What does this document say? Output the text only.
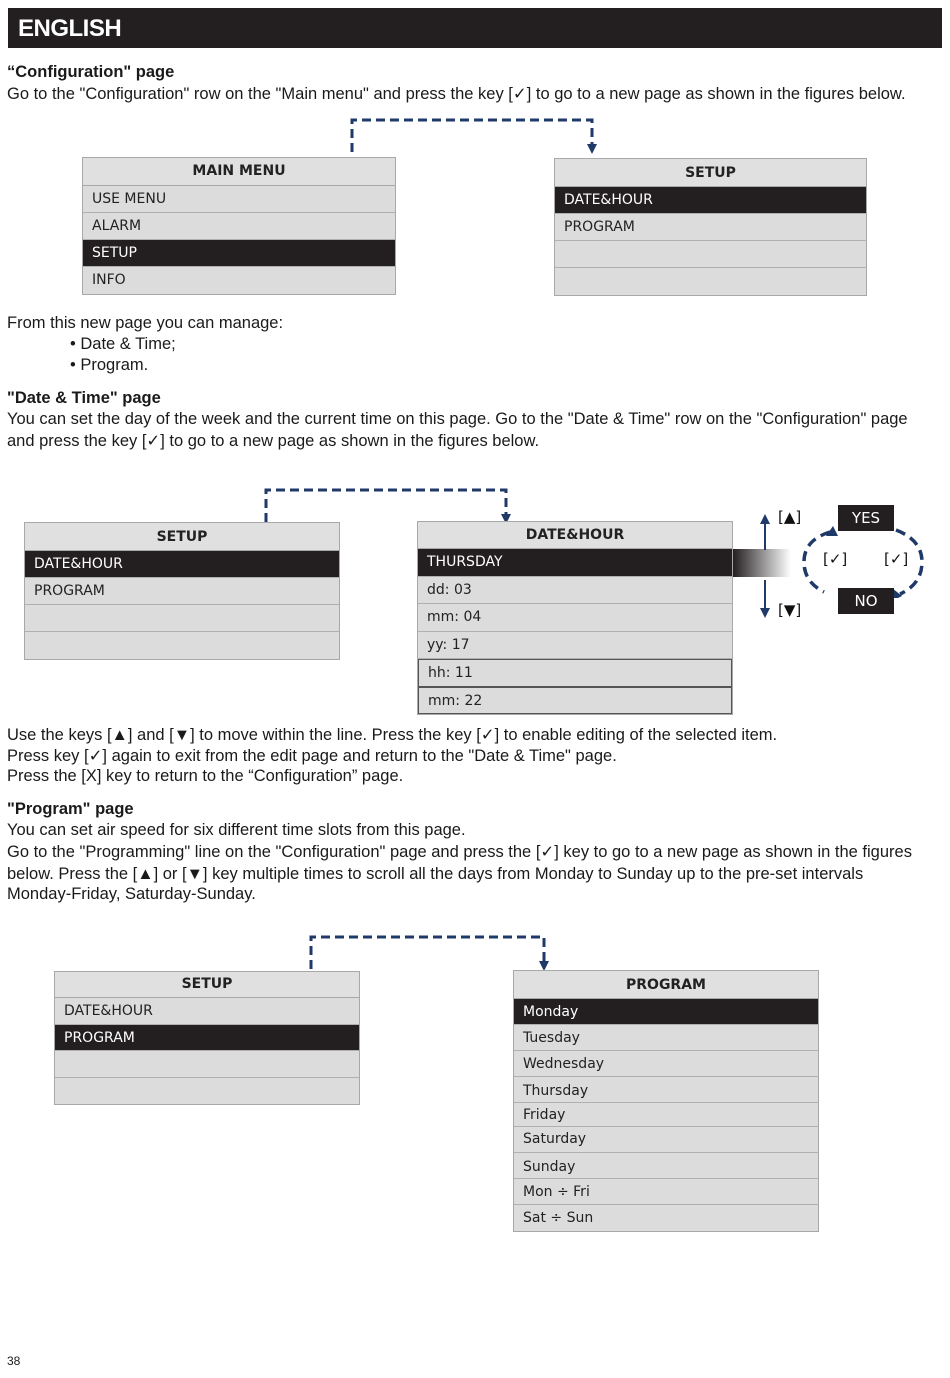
ENGLISH
“Configuration" page
Go to the "Configuration" row on the "Main menu" and press the key [✓] to go to a new page as shown in the figures below.
MAIN MENU
USE MENU
ALARM
SETUP
INFO
SETUP
DATE&HOUR
PROGRAM
From this new page you can manage:
• Date & Time;
• Program.
"Date & Time" page
You can set the day of the week and the current time on this page. Go to the "Date & Time" row on the "Configuration" page
and press the key [✓] to go to a new page as shown in the figures below.
SETUP
DATE&HOUR
PROGRAM
DATE&HOUR
THURSDAY
dd: 03
mm: 04
yy: 17
hh: 11
mm: 22
[▲]
[▼]
YES
NO
[✓] [✓]
Use the keys [▲] and [▼] to move within the line. Press the key [✓] to enable editing of the selected item.
Press key [✓] again to exit from the edit page and return to the "Date & Time" page.
Press the [X] key to return to the “Configuration” page.
"Program" page
You can set air speed for six different time slots from this page.
Go to the "Programming" line on the "Configuration" page and press the [✓] key to go to a new page as shown in the figures
below. Press the [▲] or [▼] key multiple times to scroll all the days from Monday to Sunday up to the pre-set intervals
Monday-Friday, Saturday-Sunday.
SETUP
DATE&HOUR
PROGRAM
PROGRAM
Monday
Tuesday
Wednesday
Thursday
Friday
Saturday
Sunday
Mon ÷ Fri
Sat ÷ Sun
38
